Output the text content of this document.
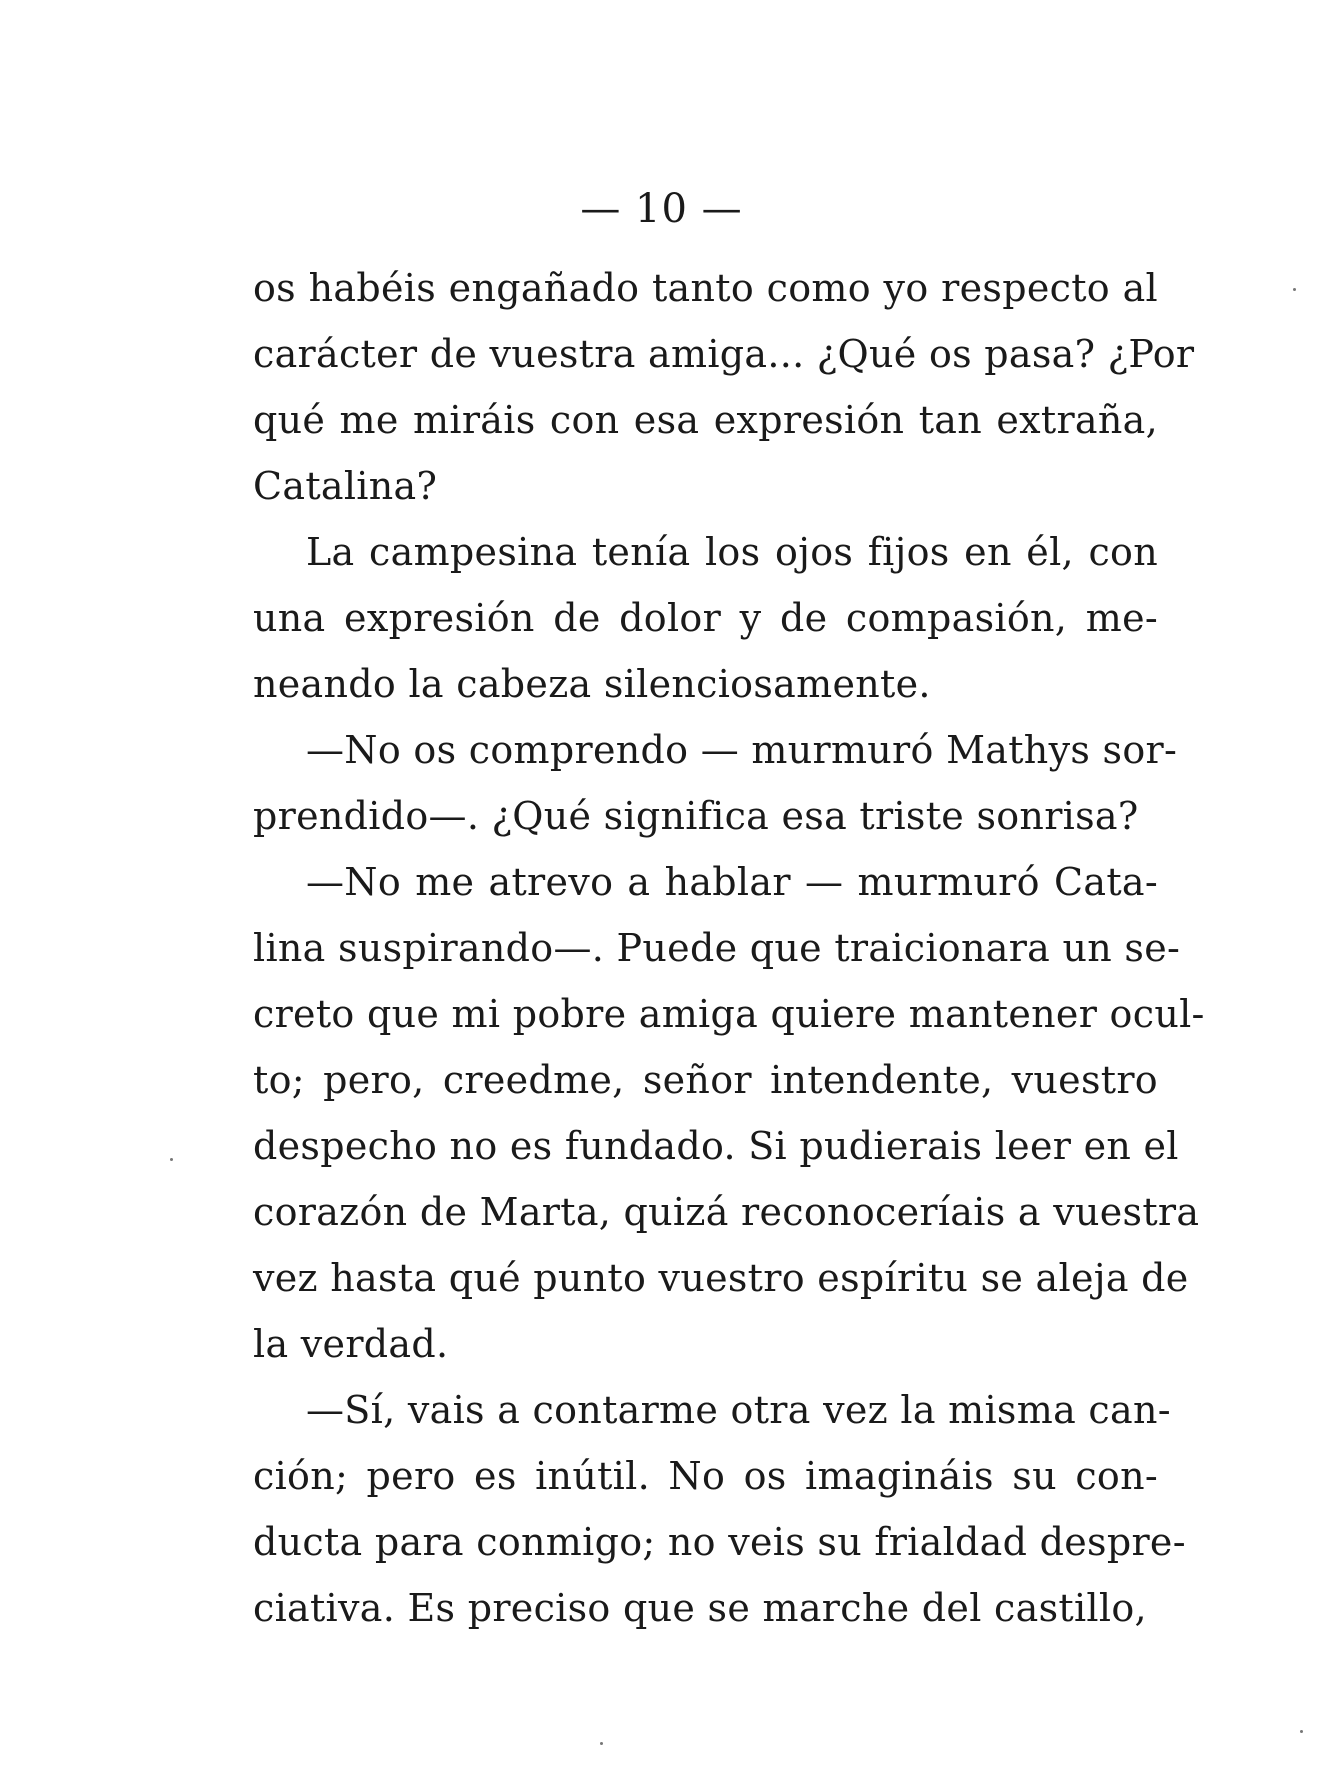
— 10 —
os habéis engañado tanto como yo respecto al
carácter de vuestra amiga... ¿Qué os pasa? ¿Por
qué me miráis con esa expresión tan extraña,
Catalina?
La campesina tenía los ojos fijos en él, con
una expresión de dolor y de compasión, me-
neando la cabeza silenciosamente.
—No os comprendo — murmuró Mathys sor-
prendido—. ¿Qué significa esa triste sonrisa?
—No me atrevo a hablar — murmuró Cata-
lina suspirando—. Puede que traicionara un se-
creto que mi pobre amiga quiere mantener ocul-
to; pero, creedme, señor intendente, vuestro
despecho no es fundado. Si pudierais leer en el
corazón de Marta, quizá reconoceríais a vuestra
vez hasta qué punto vuestro espíritu se aleja de
la verdad.
—Sí, vais a contarme otra vez la misma can-
ción; pero es inútil. No os imagináis su con-
ducta para conmigo; no veis su frialdad despre-
ciativa. Es preciso que se marche del castillo,
